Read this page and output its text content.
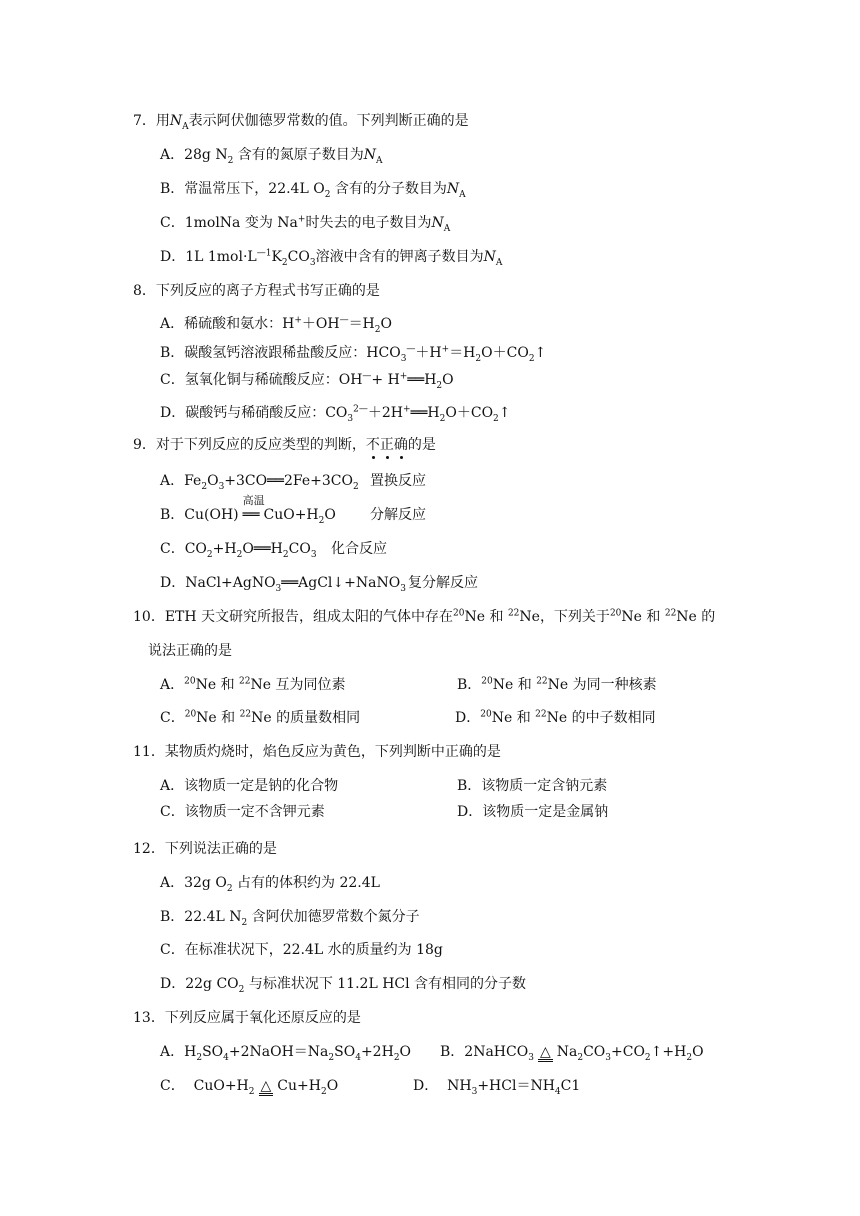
7．用$N_A$表示阿伏伽德罗常数的值。下列判断正确的是
A．28g $N_2$ 含有的氮原子数目为$N_A$
B．常温常压下，22.4L $O_2$ 含有的分子数目为$N_A$
C．1molNa 变为 Na+时失去的电子数目为$N_A$
D．1L $1mol\cdot L^{—1}K_2CO_3$溶液中含有的钾离子数目为$N_A$
8．下列反应的离子方程式书写正确的是
A．稀硫酸和氨水：$H^++OH^—=H_2O$
B．碳酸氢钙溶液跟稀盐酸反应：$HCO_3^—+H^+=H_2O+CO_2↑$
C．氢氧化铜与稀硫酸反应：$OH^—+ H^+══H_2O$
D．碳酸钙与稀硝酸反应：$CO_3^{2—}+2H^+══H_2O+CO_2↑$
9．对于下列反应的反应类型的判断，不
正
确
的是
A．$Fe_2O_3+3CO══2Fe+3CO_2$ 置换反应
B．Cu(OH)
高温
══ $CuO+H_2O$ 分解反应
C．$CO_2+H_2O══H_2CO_3$ 化合反应
D．NaCl+AgNO$_3$══AgCl↓+NaNO$_3$ 复分解反应
10．ETH 天文研究所报告，组成太阳的气体中存在$^{20}$Ne 和 $^{22}$Ne，下列关于$^{20}$Ne 和 $^{22}$Ne 的
说法正确的是
A．$^{20}$Ne 和 $^{22}$Ne 互为同位素	B．$^{20}$Ne 和 $^{22}$Ne 为同一种核素
C．$^{20}$Ne 和 $^{22}$Ne 的质量数相同	D．$^{20}$Ne 和 $^{22}$Ne 的中子数相同
11．某物质灼烧时，焰色反应为黄色，下列判断中正确的是
A．该物质一定是钠的化合物	B．该物质一定含钠元素
C．该物质一定不含钾元素	D．该物质一定是金属钠
12．下列说法正确的是
A．32g $O_2$ 占有的体积约为 22.4L
B．22.4L $N_2$ 含阿伏加德罗常数个氮分子
C．在标准状况下，22.4L 水的质量约为 18g
D．22g $CO_2$ 与标准状况下 11.2L HCl 含有相同的分子数
13．下列反应属于氧化还原反应的是
A．$H_2SO_4+2NaOH=Na_2SO_4+2H_2O$ B．2NaHCO$_3$ △ $Na_2CO_3+CO_2↑+H_2O$
C．  $CuO+H_2$ △ $Cu+H_2O$	D．  $NH_3+HCl=NH_4C1$
